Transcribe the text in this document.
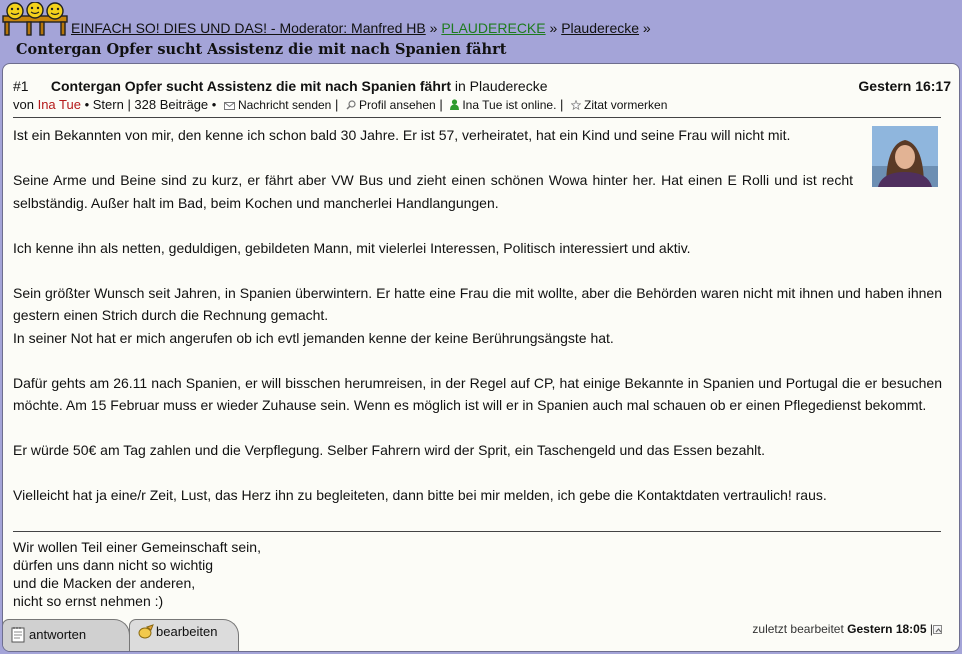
EINFACH SO! DIES UND DAS! - Moderator: Manfred HB » PLAUDERECKE » Plauderecke »
Contergan Opfer sucht Assistenz die mit nach Spanien fährt
#1 Contergan Opfer sucht Assistenz die mit nach Spanien fährt in Plauderecke	Gestern 16:17
von Ina Tue • Stern | 328 Beiträge • Nachricht senden | Profil ansehen | Ina Tue ist online. | Zitat vormerken

Ist ein Bekannten von mir, den kenne ich schon bald 30 Jahre. Er ist 57, verheiratet, hat ein Kind und seine Frau will nicht mit.

Seine Arme und Beine sind zu kurz, er fährt aber VW Bus und zieht einen schönen Wowa hinter her. Hat einen E Rolli und ist recht selbständig. Außer halt im Bad, beim Kochen und mancherlei Handlangungen.

Ich kenne ihn als netten, geduldigen, gebildeten Mann, mit vielerlei Interessen, Politisch interessiert und aktiv.

Sein größter Wunsch seit Jahren, in Spanien überwintern. Er hatte eine Frau die mit wollte, aber die Behörden waren nicht mit ihnen und haben ihnen gestern einen Strich durch die Rechnung gemacht.

In seiner Not hat er mich angerufen ob ich evtl jemanden kenne der keine Berührungsängste hat.

Dafür gehts am 26.11 nach Spanien, er will bisschen herumreisen, in der Regel auf CP, hat einige Bekannte in Spanien und Portugal die er besuchen möchte. Am 15 Februar muss er wieder Zuhause sein. Wenn es möglich ist will er in Spanien auch mal schauen ob er einen Pflegedienst bekommt.

Er würde 50€ am Tag zahlen und die Verpflegung. Selber Fahrern wird der Sprit, ein Taschengeld und das Essen bezahlt.

Vielleicht hat ja eine/r Zeit, Lust, das Herz ihn zu begleiteten, dann bitte bei mir melden, ich gebe die Kontaktdaten vertraulich! raus.

Wir wollen Teil einer Gemeinschaft sein,
dürfen uns dann nicht so wichtig
und die Macken der anderen,
nicht so ernst nehmen :)
antworten	bearbeiten	zuletzt bearbeitet Gestern 18:05 |
